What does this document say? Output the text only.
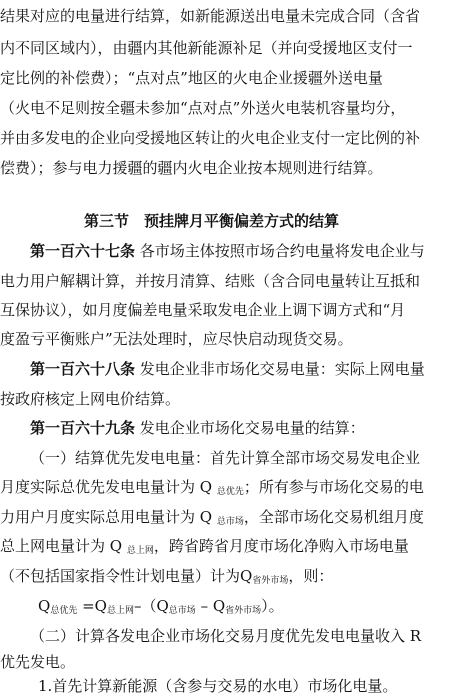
结果对应的电量进行结算，如新能源送出电量未完成合同（含省
内不同区域内），由疆内其他新能源补足（并向受援地区支付一
定比例的补偿费）；“点对点”地区的火电企业援疆外送电量
（火电不足则按全疆未参加“点对点”外送火电装机容量均分，
并由多发电的企业向受援地区转让的火电企业支付一定比例的补
偿费）；参与电力援疆的疆内火电企业按本规则进行结算。
第三节　预挂牌月平衡偏差方式的结算
第一百六十七条 各市场主体按照市场合约电量将发电企业与
电力用户解耦计算，并按月清算、结账（含合同电量转让互抵和
互保协议），如月度偏差电量采取发电企业上调下调方式和“月
度盈亏平衡账户”无法处理时，应尽快启动现货交易。
第一百六十八条 发电企业非市场化交易电量：实际上网电量
按政府核定上网电价结算。
第一百六十九条 发电企业市场化交易电量的结算：
（一）结算优先发电电量：首先计算全部市场交易发电企业
月度实际总优先发电电量计为 Q $_{总优先}$；所有参与市场化交易的电
力用户月度实际总用电量计为 Q $_{总市场}$，全部市场化交易机组月度
总上网电量计为 Q $_{总上网}$，跨省跨省月度市场化净购入市场电量
（不包括国家指令性计划电量）计为$Q_{省外市场}$，则：
$Q_{总优先} =Q_{总上网}-(Q_{总市场} - Q_{省外市场})$。
（二）计算各发电企业市场化交易月度优先发电电量收入 R
优先发电。
1.首先计算新能源（含参与交易的水电）市场化电量。
